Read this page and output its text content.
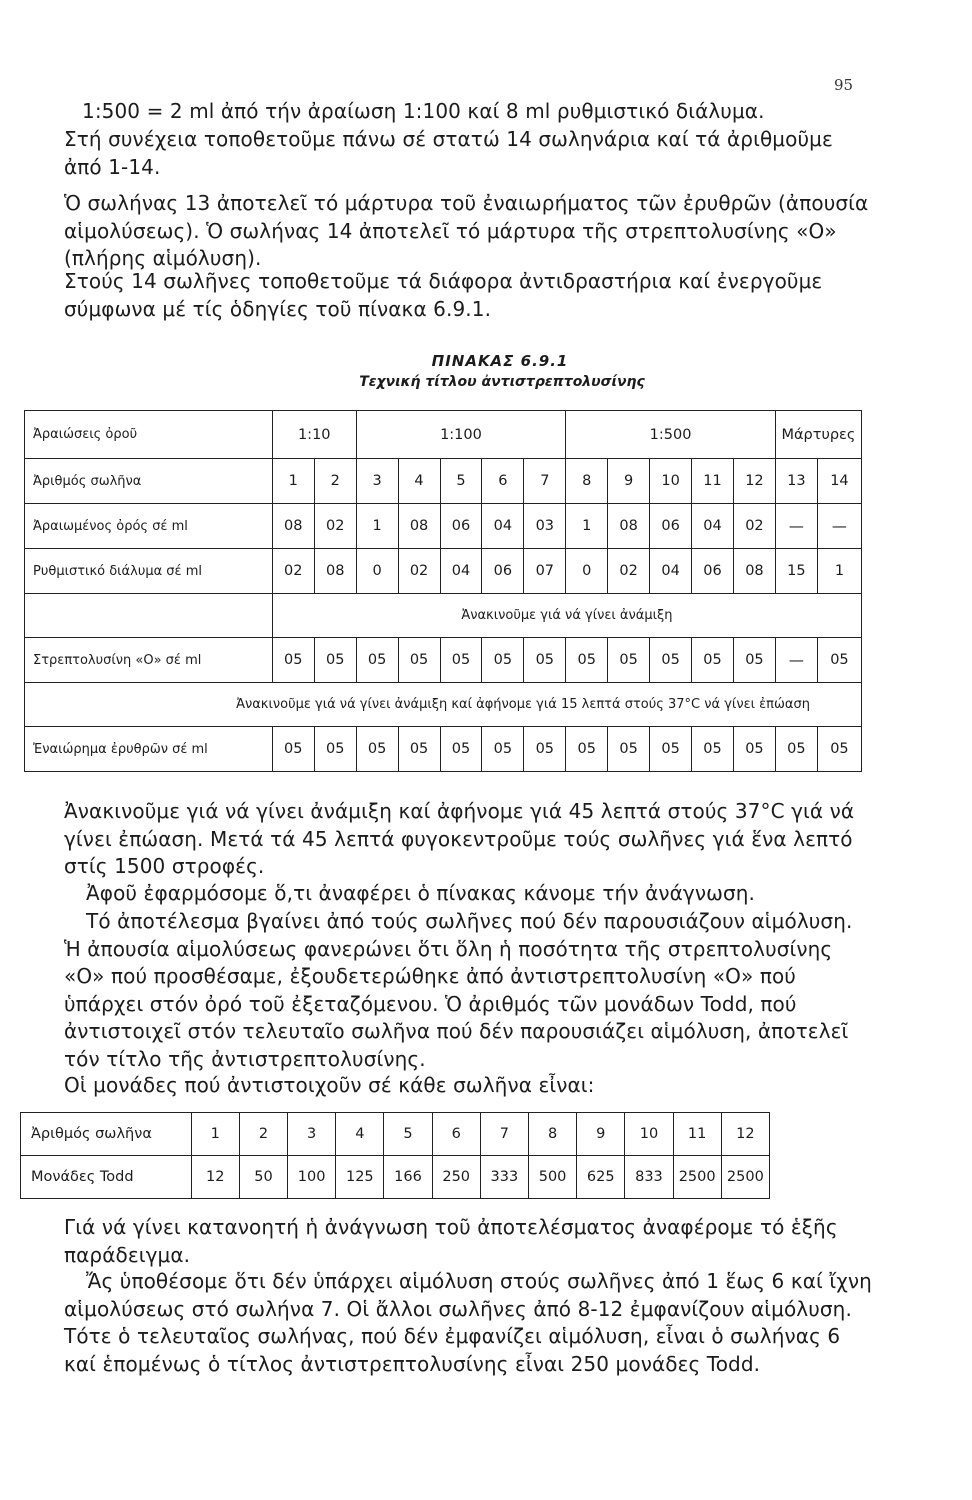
95

1:500 = 2 ml ἀπό τήν ἀραίωση 1:100 καί 8 ml ρυθμιστικό διάλυμα.

Στή συνέχεια τοποθετοῦμε πάνω σέ στατώ 14 σωληνάρια καί τά ἀριθμοῦμε ἀπό 1-14.

Ὁ σωλήνας 13 ἀποτελεῖ τό μάρτυρα τοῦ ἐναιωρήματος τῶν ἐρυθρῶν (ἀπουσία αἱμολύσεως). Ὁ σωλήνας 14 ἀποτελεῖ τό μάρτυρα τῆς στρεπτολυσίνης «Ο» (πλήρης αἱμόλυση).

Στούς 14 σωλῆνες τοποθετοῦμε τά διάφορα ἀντιδραστήρια καί ἐνεργοῦμε σύμφωνα μέ τίς ὁδηγίες τοῦ πίνακα 6.9.1.

ΠΙΝΑΚΑΣ 6.9.1

Τεχνική τίτλου ἀντιστρεπτολυσίνης

Ἀραιώσεις ὀροῦ	1:10		1:100					1:500					Μάρτυρες	
Ἀριθμός σωλῆνα	1	2	3	4	5	6	7	8	9	10	11	12	13	14
Ἀραιωμένος ὀρός σέ ml	08	02	1	08	06	04	03	1	08	06	04	02	—	—
Ρυθμιστικό διάλυμα σέ ml	02	08	0	02	04	06	07	0	02	04	06	08	15	1
	Ἀνακινοῦμε γιά νά γίνει ἀνάμιξη													
Στρεπτολυσίνη «Ο» σέ ml	05	05	05	05	05	05	05	05	05	05	05	05	—	05
Ἀνακινοῦμε γιά νά γίνει ἀνάμιξη καί ἀφήνομε γιά 15 λεπτά στούς 37°C νά γίνει ἐπώαση														
Ἐναιώρημα ἐρυθρῶν σέ ml	05	05	05	05	05	05	05	05	05	05	05	05	05	05

Ἀνακινοῦμε γιά νά γίνει ἀνάμιξη καί ἀφήνομε γιά 45 λεπτά στούς 37°C γιά νά γίνει ἐπώαση. Μετά τά 45 λεπτά φυγοκεντροῦμε τούς σωλῆνες γιά ἕνα λεπτό στίς 1500 στροφές.

Ἀφοῦ ἐφαρμόσομε ὅ,τι ἀναφέρει ὁ πίνακας κάνομε τήν ἀνάγνωση.

Τό ἀποτέλεσμα βγαίνει ἀπό τούς σωλῆνες πού δέν παρουσιάζουν αἱμόλυση. Ἡ ἀπουσία αἱμολύσεως φανερώνει ὅτι ὅλη ἡ ποσότητα τῆς στρεπτολυσίνης «Ο» πού προσθέσαμε, ἐξουδετερώθηκε ἀπό ἀντιστρεπτολυσίνη «Ο» πού ὑπάρχει στόν ὀρό τοῦ ἐξεταζόμενου. Ὁ ἀριθμός τῶν μονάδων Todd, πού ἀντιστοιχεῖ στόν τελευταῖο σωλῆνα πού δέν παρουσιάζει αἱμόλυση, ἀποτελεῖ τόν τίτλο τῆς ἀντιστρεπτολυσίνης.

Οἱ μονάδες πού ἀντιστοιχοῦν σέ κάθε σωλῆνα εἶναι:

Ἀριθμός σωλῆνα	1	2	3	4	5	6	7	8	9	10	11	12
Μονάδες Todd	12	50	100	125	166	250	333	500	625	833	2500	2500

Γιά νά γίνει κατανοητή ἡ ἀνάγνωση τοῦ ἀποτελέσματος ἀναφέρομε τό ἑξῆς παράδειγμα.

Ἄς ὑποθέσομε ὅτι δέν ὑπάρχει αἱμόλυση στούς σωλῆνες ἀπό 1 ἕως 6 καί ἴχνη αἱμολύσεως στό σωλήνα 7. Οἱ ἄλλοι σωλῆνες ἀπό 8-12 ἐμφανίζουν αἱμόλυση. Τότε ὁ τελευταῖος σωλήνας, πού δέν ἐμφανίζει αἱμόλυση, εἶναι ὁ σωλήνας 6 καί ἑπομένως ὁ τίτλος ἀντιστρεπτολυσίνης εἶναι 250 μονάδες Todd.
